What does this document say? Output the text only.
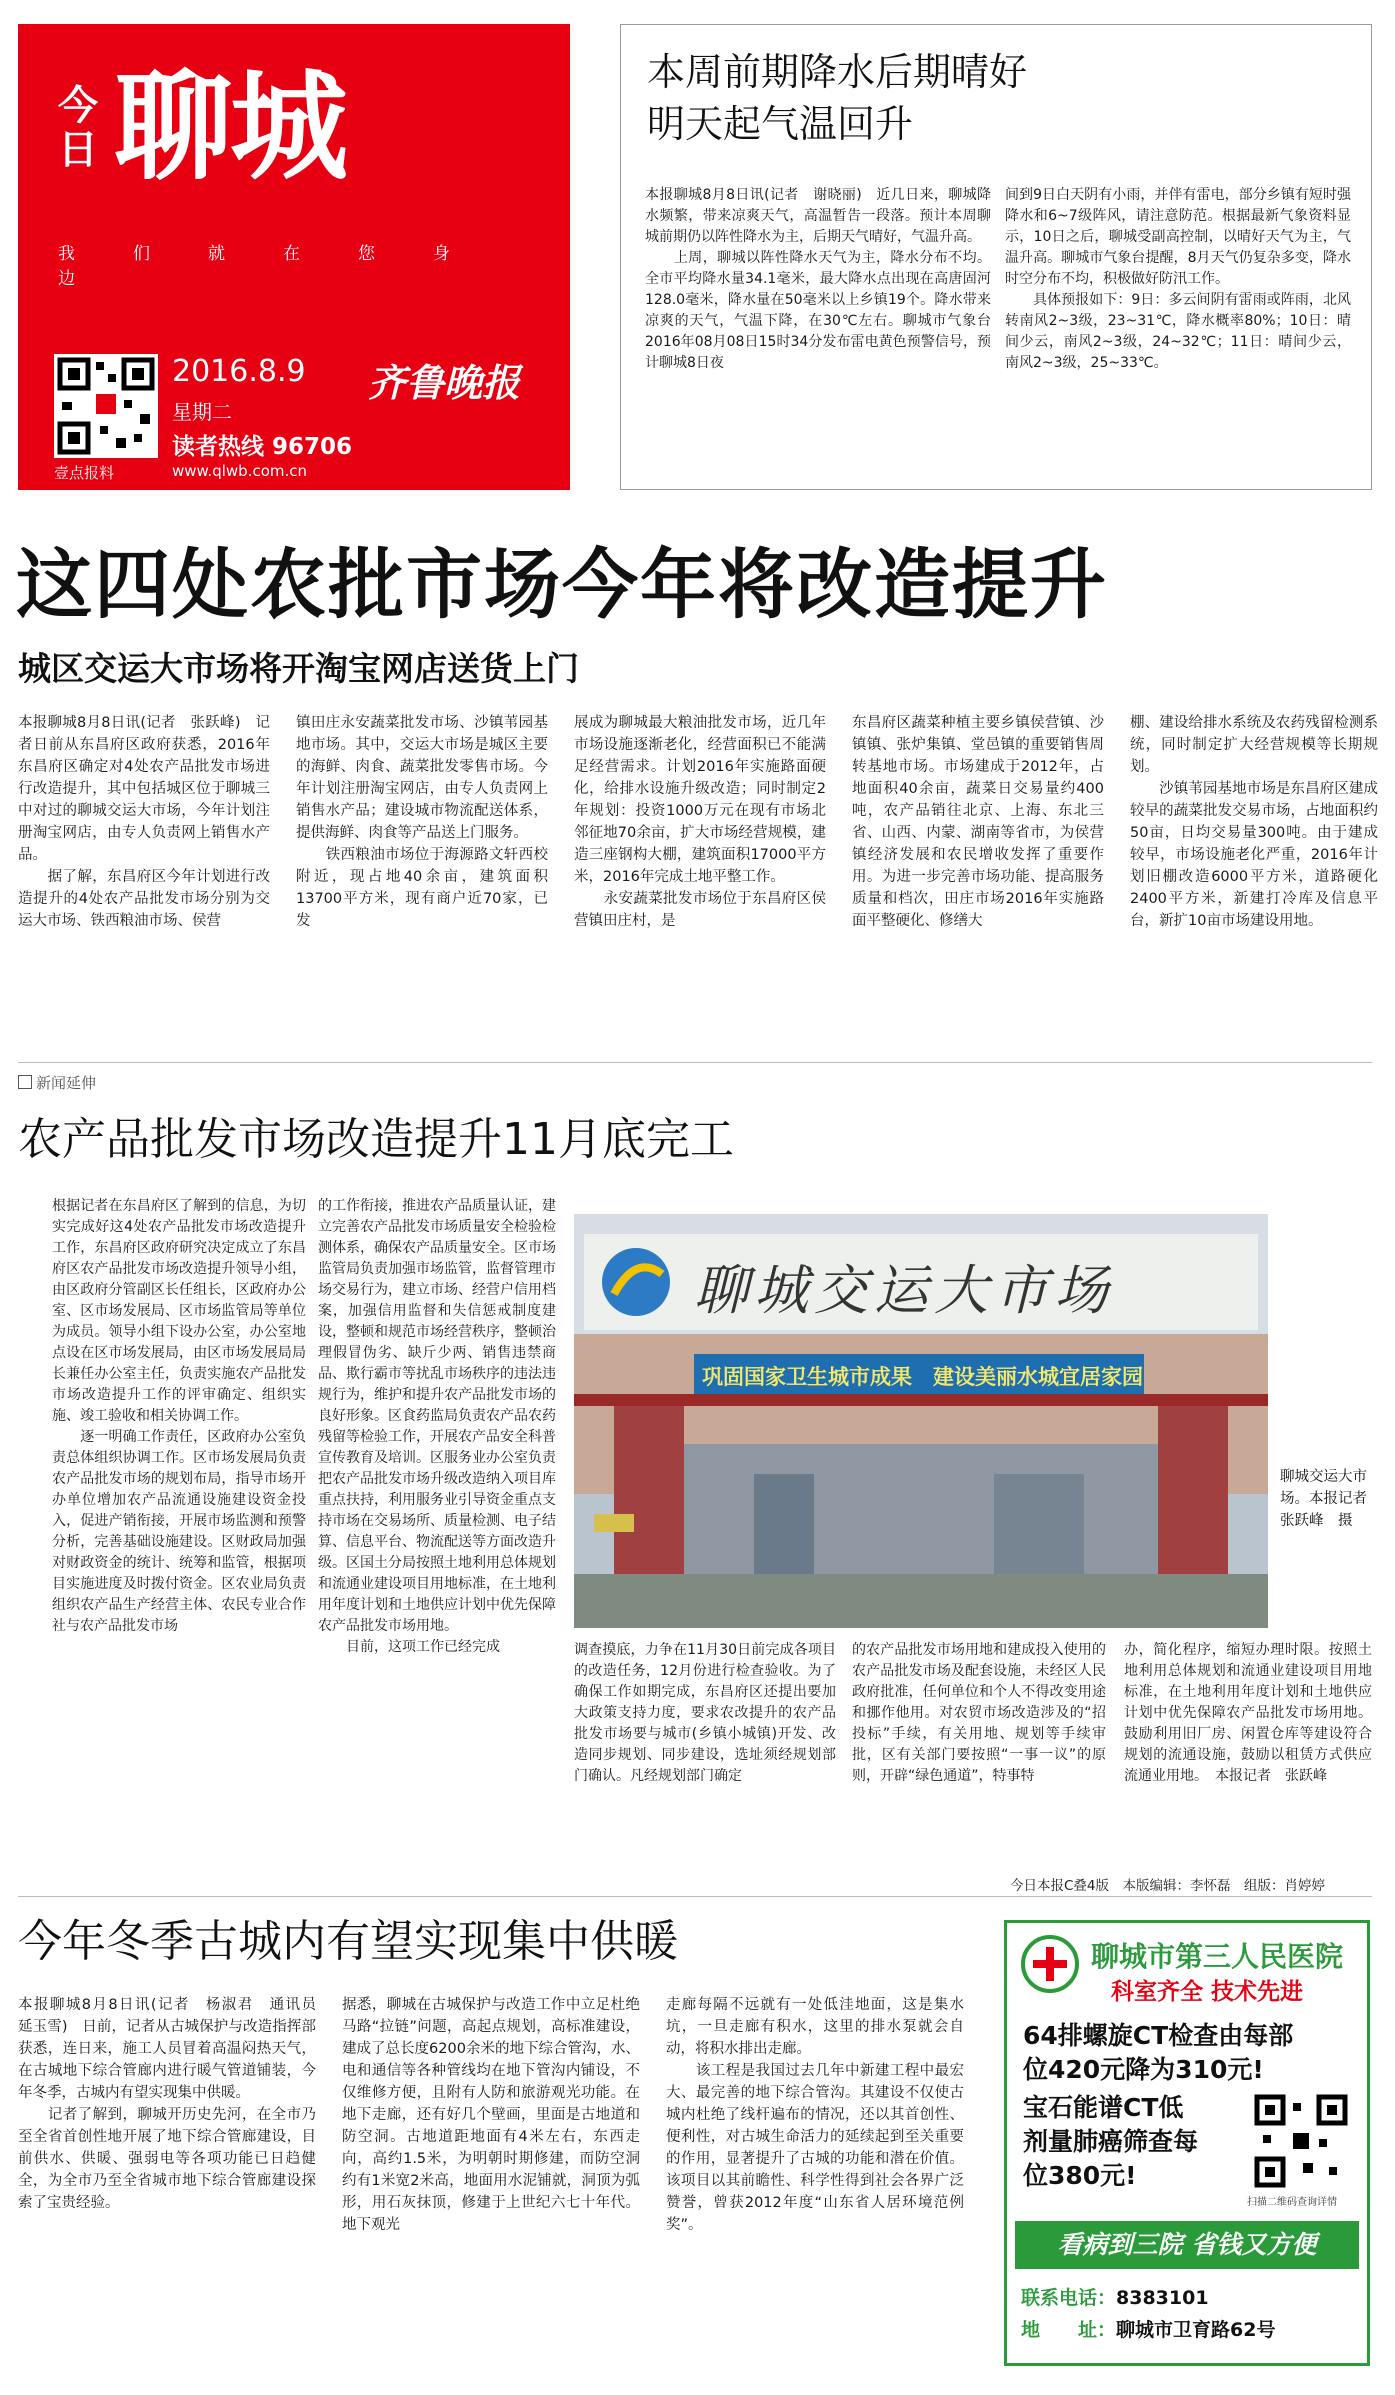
今日 聊城
我们就在您身边
壹点报料
2016.8.9 齐鲁晚报
星期二
读者热线 96706
www.qlwb.com.cn
本周前期降水后期晴好
明天起气温回升
本报聊城8月8日讯(记者　谢晓丽)　近几日来，聊城降水频繁，带来凉爽天气，高温暂告一段落。预计本周聊城前期仍以阵性降水为主，后期天气晴好，气温升高。
　　上周，聊城以阵性降水天气为主，降水分布不均。全市平均降水量34.1毫米，最大降水点出现在高唐固河128.0毫米，降水量在50毫米以上乡镇19个。降水带来凉爽的天气，气温下降，在30℃左右。聊城市气象台2016年08月08日15时34分发布雷电黄色预警信号，预计聊城8日夜
间到9日白天阴有小雨，并伴有雷电，部分乡镇有短时强降水和6~7级阵风，请注意防范。根据最新气象资料显示，10日之后，聊城受副高控制，以晴好天气为主，气温升高。聊城市气象台提醒，8月天气仍复杂多变，降水时空分布不均，积极做好防汛工作。
　　具体预报如下：9日：多云间阴有雷雨或阵雨，北风转南风2~3级，23~31℃，降水概率80%；10日：晴间少云，南风2~3级，24~32℃；11日：晴间少云，南风2~3级，25~33℃。
这四处农批市场今年将改造提升
城区交运大市场将开淘宝网店送货上门
本报聊城8月8日讯(记者　张跃峰)　记者日前从东昌府区政府获悉，2016年东昌府区确定对4处农产品批发市场进行改造提升，其中包括城区位于聊城三中对过的聊城交运大市场，今年计划注册淘宝网店，由专人负责网上销售水产品。
　　据了解，东昌府区今年计划进行改造提升的4处农产品批发市场分别为交运大市场、铁西粮油市场、侯营
镇田庄永安蔬菜批发市场、沙镇苇园基地市场。其中，交运大市场是城区主要的海鲜、肉食、蔬菜批发零售市场。今年计划注册淘宝网店，由专人负责网上销售水产品；建设城市物流配送体系，提供海鲜、肉食等产品送上门服务。
　　铁西粮油市场位于海源路文轩西校附近，现占地40余亩，建筑面积13700平方米，现有商户近70家，已发
展成为聊城最大粮油批发市场，近几年市场设施逐渐老化，经营面积已不能满足经营需求。计划2016年实施路面硬化，给排水设施升级改造；同时制定2年规划：投资1000万元在现有市场北邻征地70余亩，扩大市场经营规模，建造三座钢构大棚，建筑面积17000平方米，2016年完成土地平整工作。
　　永安蔬菜批发市场位于东昌府区侯营镇田庄村，是
东昌府区蔬菜种植主要乡镇侯营镇、沙镇镇、张炉集镇、堂邑镇的重要销售周转基地市场。市场建成于2012年，占地面积40余亩，蔬菜日交易量约400吨，农产品销往北京、上海、东北三省、山西、内蒙、湖南等省市，为侯营镇经济发展和农民增收发挥了重要作用。为进一步完善市场功能、提高服务质量和档次，田庄市场2016年实施路面平整硬化、修缮大
棚、建设给排水系统及农药残留检测系统，同时制定扩大经营规模等长期规划。
　　沙镇苇园基地市场是东昌府区建成较早的蔬菜批发交易市场，占地面积约50亩，日均交易量300吨。由于建成较早，市场设施老化严重，2016年计划旧棚改造6000平方米，道路硬化2400平方米，新建打冷库及信息平台，新扩10亩市场建设用地。
新闻延伸
农产品批发市场改造提升11月底完工
根据记者在东昌府区了解到的信息，为切实完成好这4处农产品批发市场改造提升工作，东昌府区政府研究决定成立了东昌府区农产品批发市场改造提升领导小组，由区政府分管副区长任组长，区政府办公室、区市场发展局、区市场监管局等单位为成员。领导小组下设办公室，办公室地点设在区市场发展局，由区市场发展局局长兼任办公室主任，负责实施农产品批发市场改造提升工作的评审确定、组织实施、竣工验收和相关协调工作。
　　逐一明确工作责任，区政府办公室负责总体组织协调工作。区市场发展局负责农产品批发市场的规划布局，指导市场开办单位增加农产品流通设施建设资金投入，促进产销衔接，开展市场监测和预警分析，完善基础设施建设。区财政局加强对财政资金的统计、统筹和监管，根据项目实施进度及时拨付资金。区农业局负责组织农产品生产经营主体、农民专业合作社与农产品批发市场
的工作衔接，推进农产品质量认证，建立完善农产品批发市场质量安全检验检测体系，确保农产品质量安全。区市场监管局负责加强市场监管，监督管理市场交易行为，建立市场、经营户信用档案，加强信用监督和失信惩戒制度建设，整顿和规范市场经营秩序，整顿治理假冒伪劣、缺斤少两、销售违禁商品、欺行霸市等扰乱市场秩序的违法违规行为，维护和提升农产品批发市场的良好形象。区食药监局负责农产品农药残留等检验工作，开展农产品安全科普宣传教育及培训。区服务业办公室负责把农产品批发市场升级改造纳入项目库重点扶持，利用服务业引导资金重点支持市场在交易场所、质量检测、电子结算、信息平台、物流配送等方面改造升级。区国土分局按照土地利用总体规划和流通业建设项目用地标准，在土地利用年度计划和土地供应计划中优先保障农产品批发市场用地。
　　目前，这项工作已经完成
聊城交运大市场
巩固国家卫生城市成果　建设美丽水城宜居家园
聊城交运大市场。本报记者　张跃峰　摄
调查摸底，力争在11月30日前完成各项目的改造任务，12月份进行检查验收。为了确保工作如期完成，东昌府区还提出要加大政策支持力度，要求农改提升的农产品批发市场要与城市(乡镇小城镇)开发、改造同步规划、同步建设，选址须经规划部门确认。凡经规划部门确定
的农产品批发市场用地和建成投入使用的农产品批发市场及配套设施，未经区人民政府批准，任何单位和个人不得改变用途和挪作他用。对农贸市场改造涉及的“招投标”手续，有关用地、规划等手续审批，区有关部门要按照“一事一议”的原则，开辟“绿色通道”，特事特
办，简化程序，缩短办理时限。按照土地利用总体规划和流通业建设项目用地标准，在土地利用年度计划和土地供应计划中优先保障农产品批发市场用地。鼓励利用旧厂房、闲置仓库等建设符合规划的流通设施，鼓励以租赁方式供应流通业用地。　本报记者　张跃峰
今日本报C叠4版　本版编辑：李怀磊　组版：肖婷婷
今年冬季古城内有望实现集中供暖
本报聊城8月8日讯(记者　杨淑君　通讯员　延玉雪)　日前，记者从古城保护与改造指挥部获悉，连日来，施工人员冒着高温闷热天气，在古城地下综合管廊内进行暖气管道铺装，今年冬季，古城内有望实现集中供暖。
　　记者了解到，聊城开历史先河，在全市乃至全省首创性地开展了地下综合管廊建设，目前供水、供暖、强弱电等各项功能已日趋健全，为全市乃至全省城市地下综合管廊建设探索了宝贵经验。
据悉，聊城在古城保护与改造工作中立足杜绝马路“拉链”问题，高起点规划，高标准建设，建成了总长度6200余米的地下综合管沟，水、电和通信等各种管线均在地下管沟内铺设，不仅维修方便，且附有人防和旅游观光功能。在地下走廊，还有好几个壁画，里面是古地道和防空洞。古地道距地面有4米左右，东西走向，高约1.5米，为明朝时期修建，而防空洞约有1米宽2米高，地面用水泥铺就，洞顶为弧形，用石灰抹顶，修建于上世纪六七十年代。地下观光
走廊每隔不远就有一处低洼地面，这是集水坑，一旦走廊有积水，这里的排水泵就会自动，将积水排出走廊。
　　该工程是我国过去几年中新建工程中最宏大、最完善的地下综合管沟。其建设不仅使古城内杜绝了线杆遍布的情况，还以其首创性、便利性，对古城生命活力的延续起到至关重要的作用，显著提升了古城的功能和潜在价值。该项目以其前瞻性、科学性得到社会各界广泛赞誉，曾获2012年度“山东省人居环境范例奖”。
聊城市第三人民医院
科室齐全 技术先进
64排螺旋CT检查由每部
位420元降为310元!
宝石能谱CT低
剂量肺癌筛查每
位380元!
扫描二维码查询详情
看病到三院 省钱又方便
联系电话：8383101
地　　址：聊城市卫育路62号
